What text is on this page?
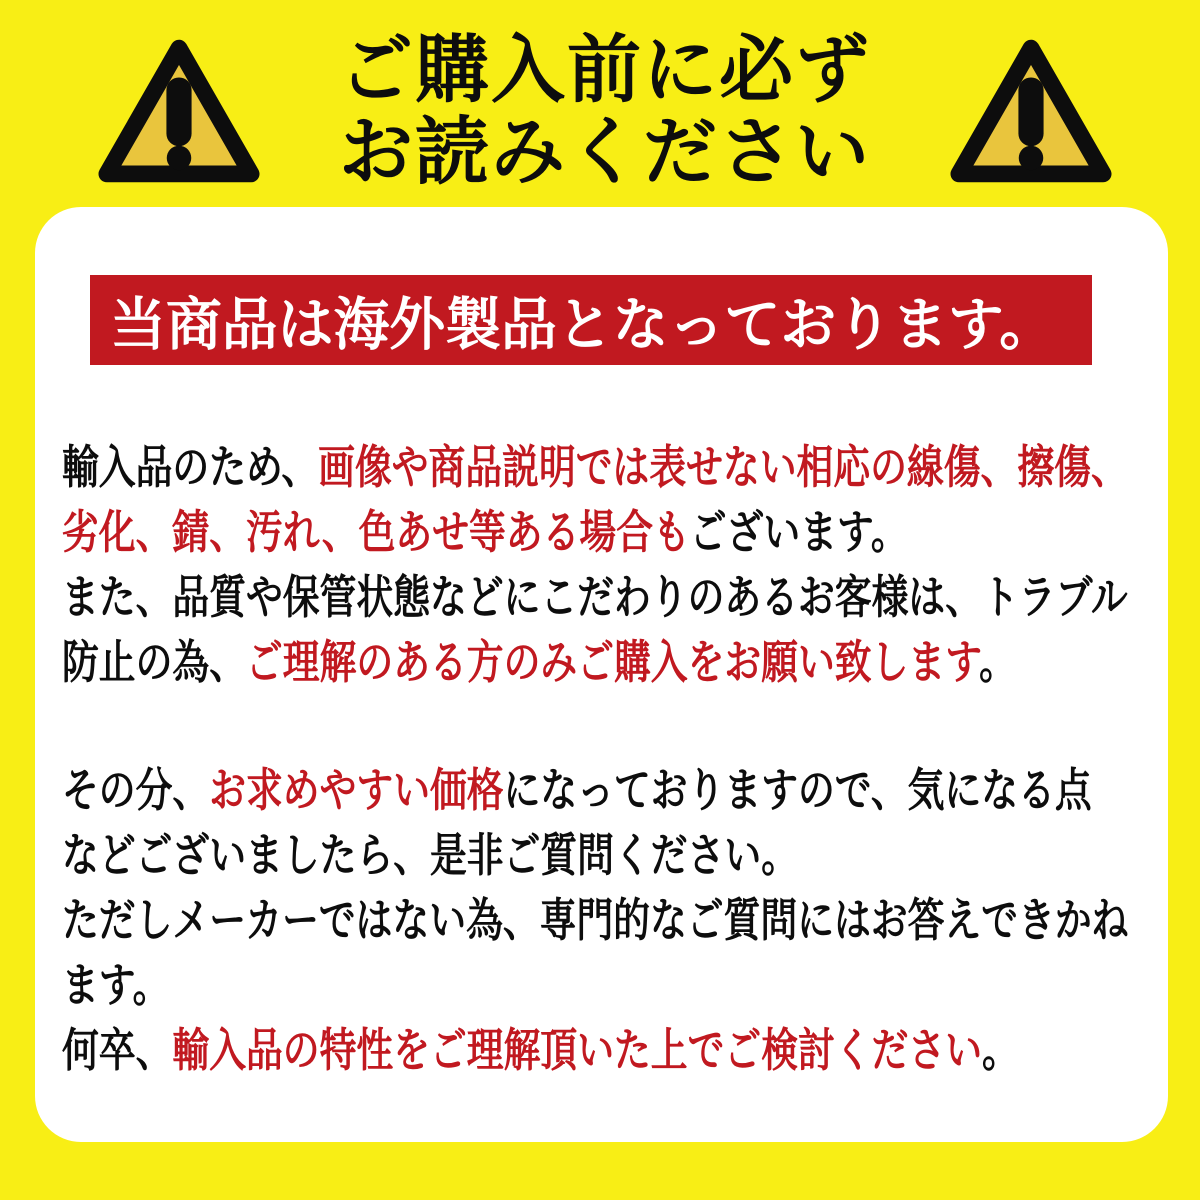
ご購入前に必ず
お読みください
当商品は海外製品となっております。
輸入品のため、画像や商品説明では表せない相応の線傷、擦傷、
劣化、錆、汚れ、色あせ等ある場合もございます。
また、品質や保管状態などにこだわりのあるお客様は、トラブル
防止の為、ご理解のある方のみご購入をお願い致します。
その分、お求めやすい価格になっておりますので、気になる点
などございましたら、是非ご質問ください。
ただしメーカーではない為、専門的なご質問にはお答えできかね
ます。
何卒、輸入品の特性をご理解頂いた上でご検討ください。
